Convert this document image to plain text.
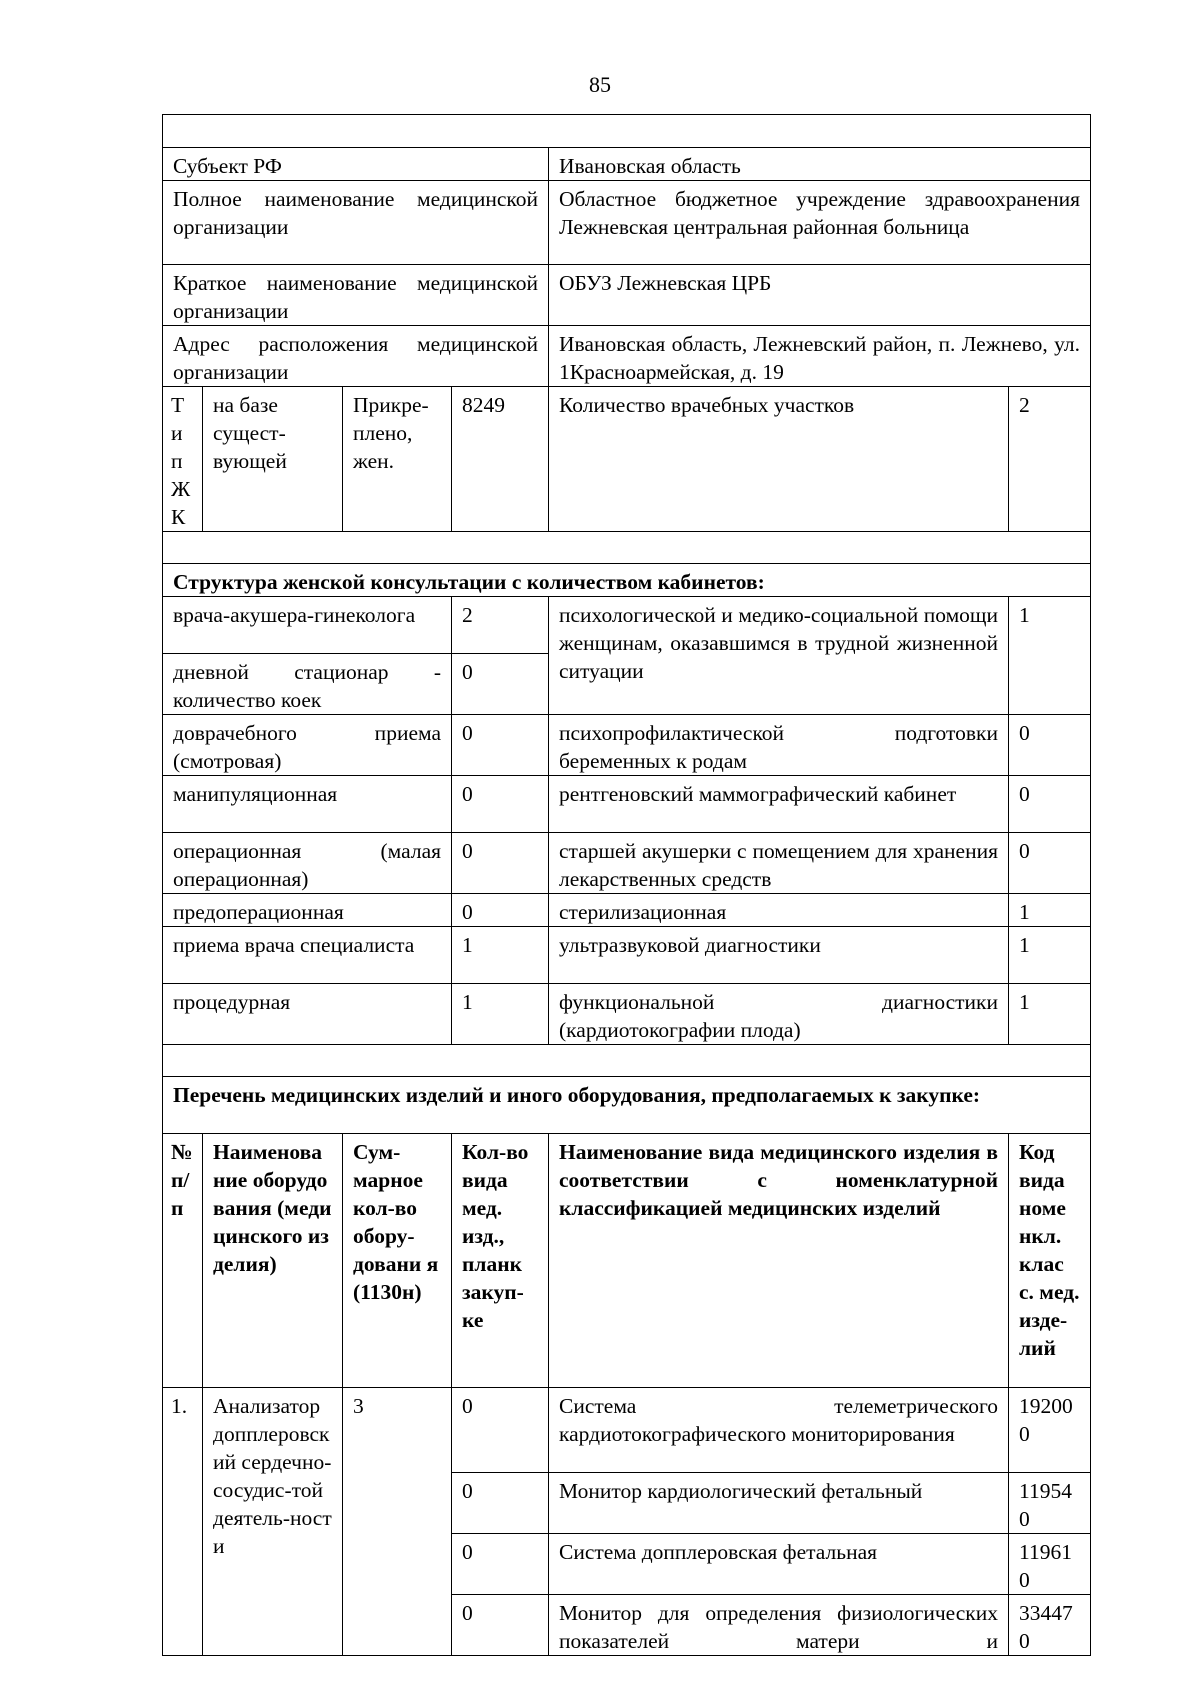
85

Субъект РФ				Ивановская область	
Полное наименование медицинской организации				Областное бюджетное учреждение здравоохранения Лежневская центральная районная больница	
Краткое наименование медицинской организации				ОБУЗ Лежневская ЦРБ	
Адрес расположения медицинской организации				Ивановская область, Лежневский район, п. Лежнево, ул. 1Красноармейская, д. 19	
Т и п Ж К	на базе сущест-вующей	Прикре-плено, жен.	8249	Количество врачебных участков	2

Структура женской консультации с количеством кабинетов:					
врача-акушера-гинеколога			2	психологической и медико-социальной помощи женщинам, оказавшимся в трудной жизненной ситуации	1
дневной стационар - количество коек			0		
доврачебного приема (смотровая)			0	психопрофилактической подготовки беременных к родам	0
манипуляционная			0	рентгеновский маммографический кабинет	0
операционная (малая операционная)			0	старшей акушерки с помещением для хранения лекарственных средств	0
предоперационная			0	стерилизационная	1
приема врача специалиста			1	ультразвуковой диагностики	1
процедурная			1	функциональной диагностики (кардиотокографии плода)	1

Перечень медицинских изделий и иного оборудования, предполагаемых к закупке:					
№ п/п	Наименование оборудования (медицинского изделия)	Сум-марное кол-во обору-довани я (1130н)	Кол-во вида мед. изд., планк закуп-ке	Наименование вида медицинского изделия в соответствии с номенклатурной классификацией медицинских изделий	Код вида номе нкл. клас с. мед. изде-лий
1.	Анализатор допплеровский сердечно-сосудис-той деятель-ности	3	0	Система телеметрического кардиотокографического мониторирования	192000
			0	Монитор кардиологический фетальный	119540
			0	Система допплеровская фетальная	119610
			0	Монитор для определения физиологических показателей матери и	334470
